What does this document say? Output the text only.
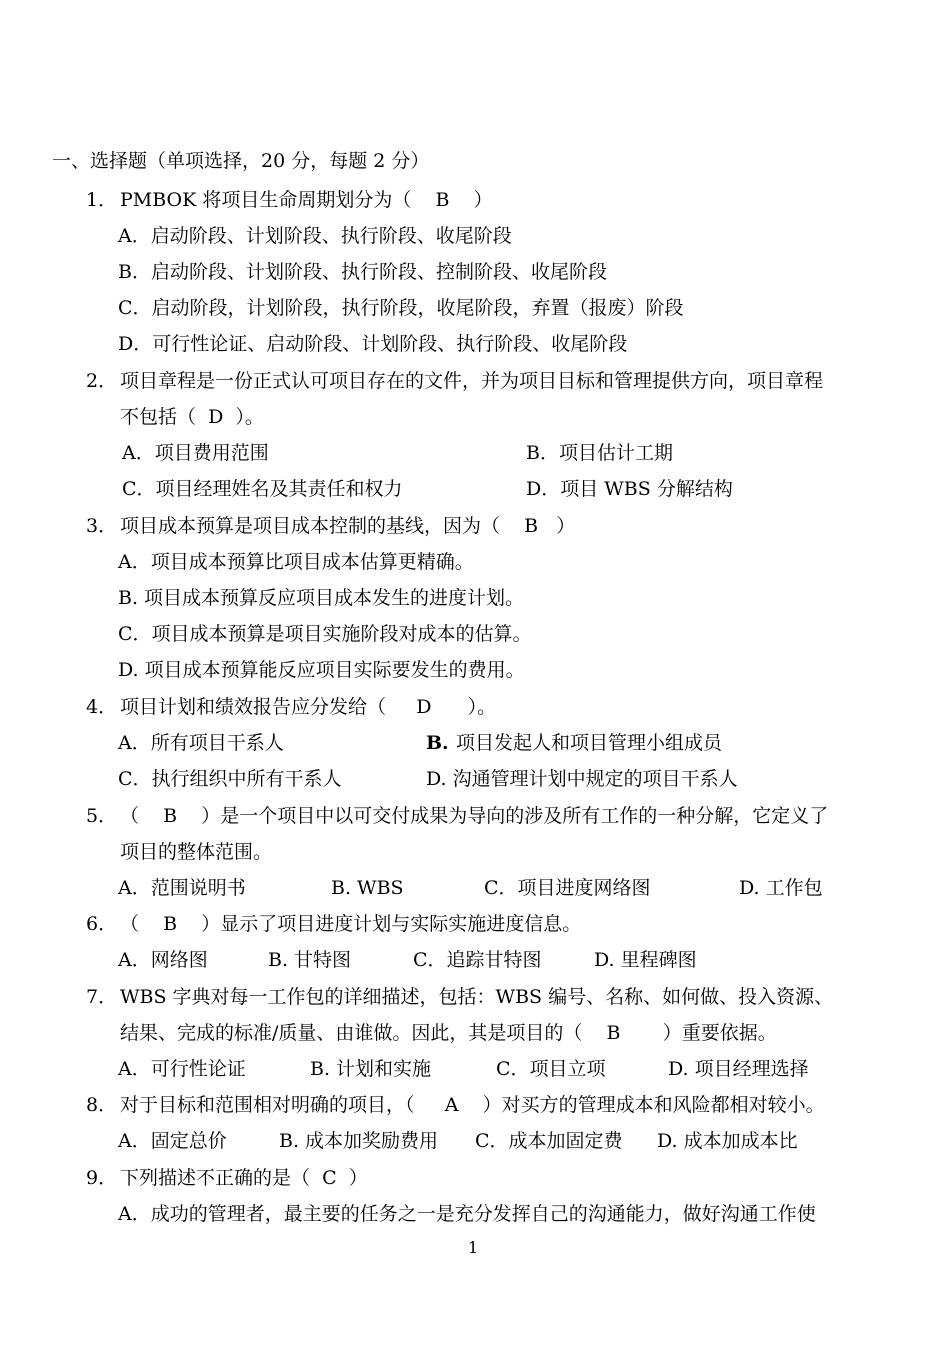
一、选择题（单项选择，20 分，每题 2 分）
1． PMBOK 将项目生命周期划分为（    B    ）
A．启动阶段、计划阶段、执行阶段、收尾阶段
B．启动阶段、计划阶段、执行阶段、控制阶段、收尾阶段
C．启动阶段，计划阶段，执行阶段，收尾阶段，弃置（报废）阶段
D．可行性论证、启动阶段、计划阶段、执行阶段、收尾阶段
2． 项目章程是一份正式认可项目存在的文件，并为项目目标和管理提供方向，项目章程
不包括（  D  ）。
A．项目费用范围	B．项目估计工期
C．项目经理姓名及其责任和权力	D．项目 WBS 分解结构
3． 项目成本预算是项目成本控制的基线，因为（    B   ）
A．项目成本预算比项目成本估算更精确。
B. 项目成本预算反应项目成本发生的进度计划。
C．项目成本预算是项目实施阶段对成本的估算。
D. 项目成本预算能反应项目实际要发生的费用。
4． 项目计划和绩效报告应分发给（     D      ）。
A．所有项目干系人	B. 项目发起人和项目管理小组成员
C．执行组织中所有干系人	D. 沟通管理计划中规定的项目干系人
5． （    B    ）是一个项目中以可交付成果为导向的涉及所有工作的一种分解，它定义了
项目的整体范围。
A．范围说明书	B. WBS	C．项目进度网络图	D. 工作包
6． （    B    ）显示了项目进度计划与实际实施进度信息。
A．网络图	B. 甘特图	C．追踪甘特图	D. 里程碑图
7． WBS 字典对每一工作包的详细描述，包括：WBS 编号、名称、如何做、投入资源、
结果、完成的标准/质量、由谁做。因此，其是项目的（    B       ）重要依据。
A．可行性论证	B. 计划和实施	C．项目立项	D. 项目经理选择
8． 对于目标和范围相对明确的项目，（     A    ）对买方的管理成本和风险都相对较小。
A．固定总价	B. 成本加奖励费用 C．成本加固定费 D. 成本加成本比
9． 下列描述不正确的是（  C  ）
A．成功的管理者，最主要的任务之一是充分发挥自己的沟通能力，做好沟通工作使
1
